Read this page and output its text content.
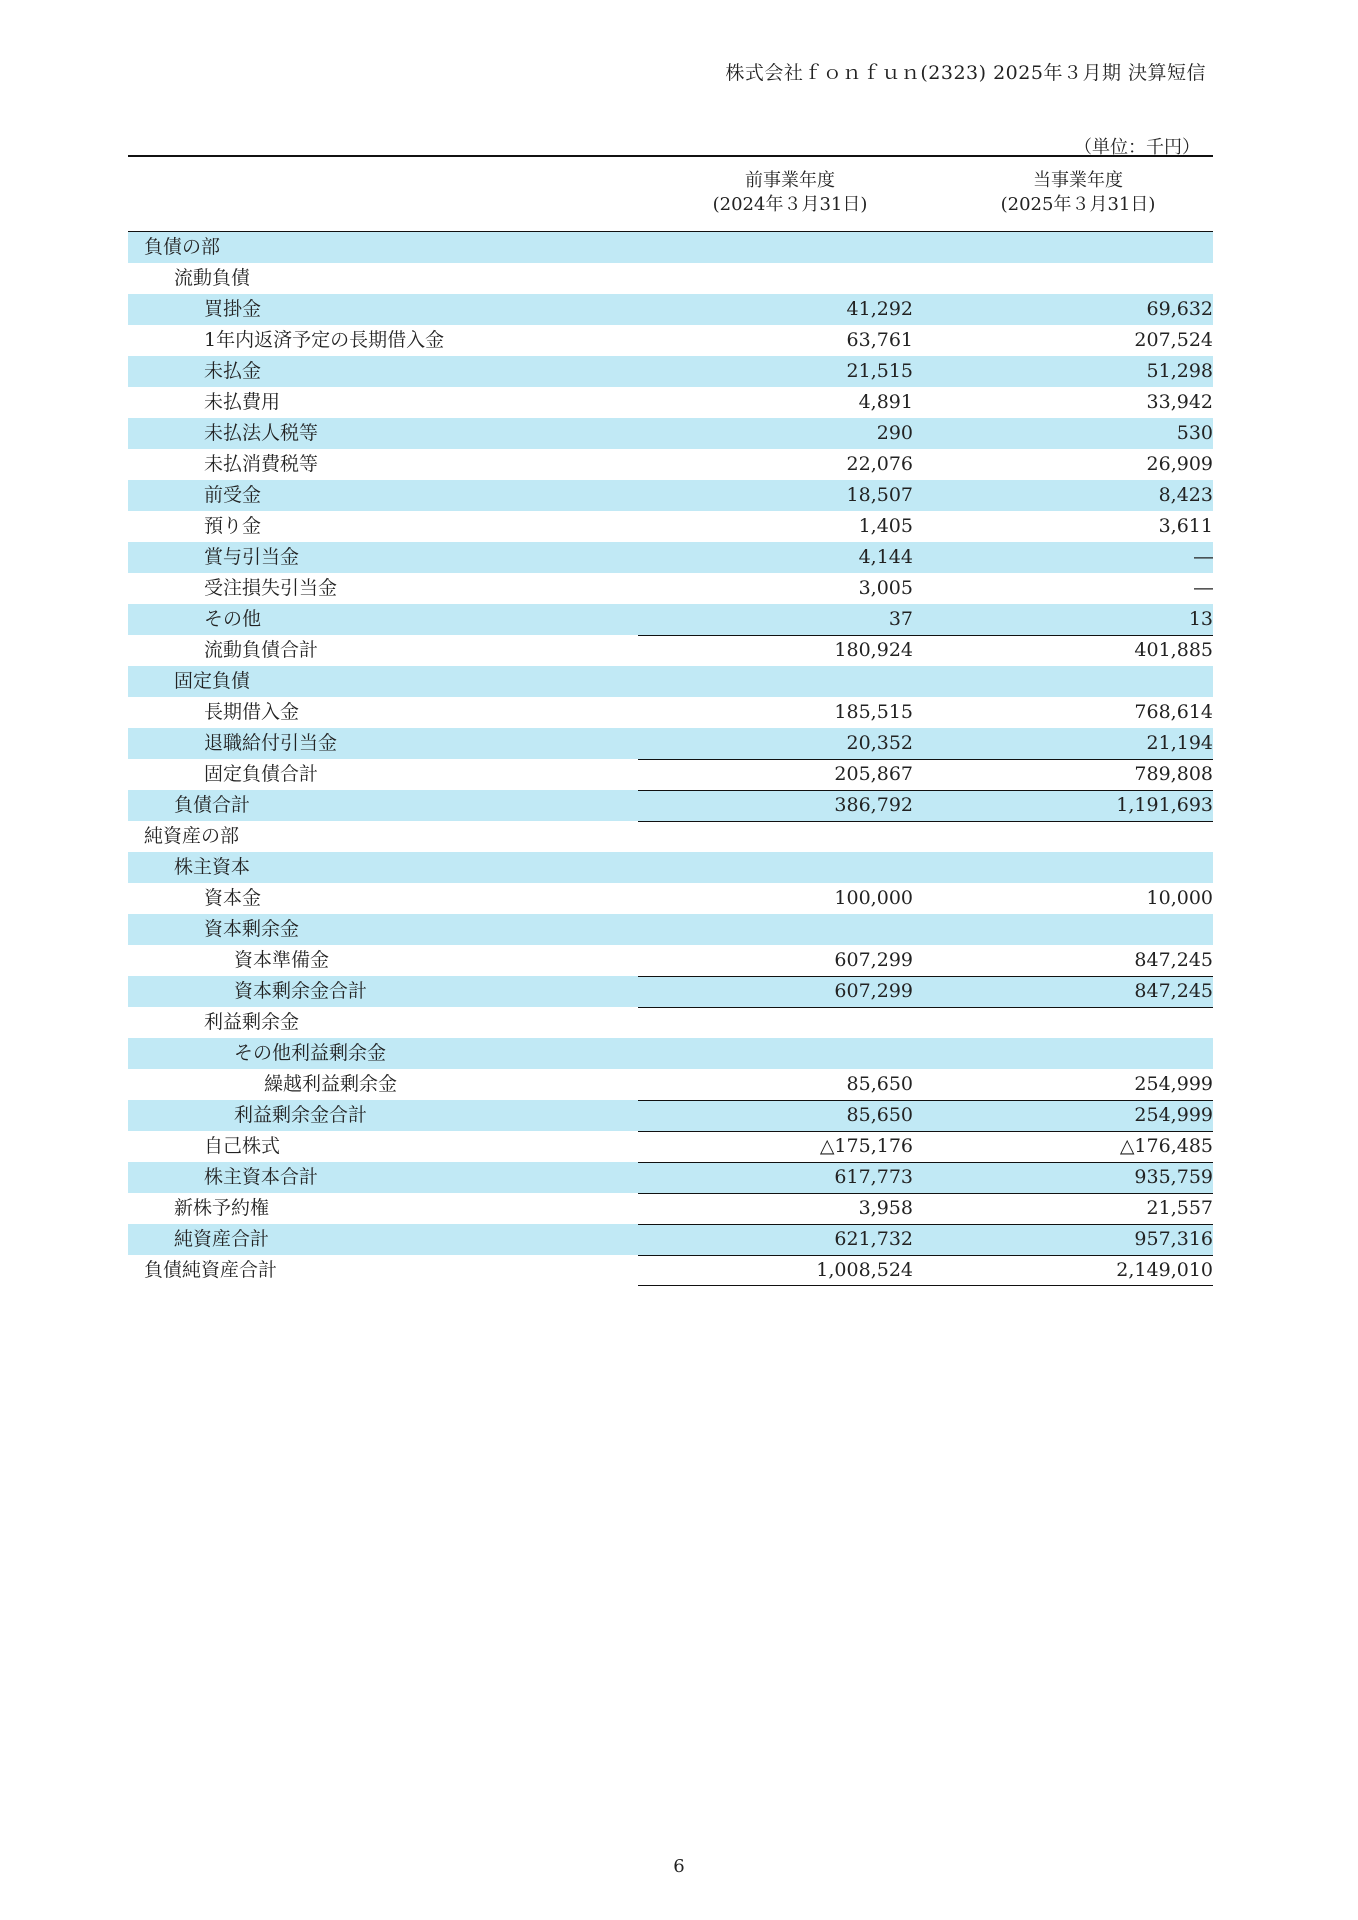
株式会社ｆｏｎｆｕｎ(2323) 2025年３月期 決算短信
（単位：千円）
前事業年度
(2024年３月31日)
当事業年度
(2025年３月31日)
負債の部
流動負債
買掛金	41,292	69,632
1年内返済予定の長期借入金	63,761	207,524
未払金	21,515	51,298
未払費用	4,891	33,942
未払法人税等	290	530
未払消費税等	22,076	26,909
前受金	18,507	8,423
預り金	1,405	3,611
賞与引当金	4,144	―
受注損失引当金	3,005	―
その他	37	13
流動負債合計	180,924	401,885
固定負債
長期借入金	185,515	768,614
退職給付引当金	20,352	21,194
固定負債合計	205,867	789,808
負債合計	386,792	1,191,693
純資産の部
株主資本
資本金	100,000	10,000
資本剰余金
資本準備金	607,299	847,245
資本剰余金合計	607,299	847,245
利益剰余金
その他利益剰余金
繰越利益剰余金	85,650	254,999
利益剰余金合計	85,650	254,999
自己株式	△175,176	△176,485
株主資本合計	617,773	935,759
新株予約権	3,958	21,557
純資産合計	621,732	957,316
負債純資産合計	1,008,524	2,149,010
6
